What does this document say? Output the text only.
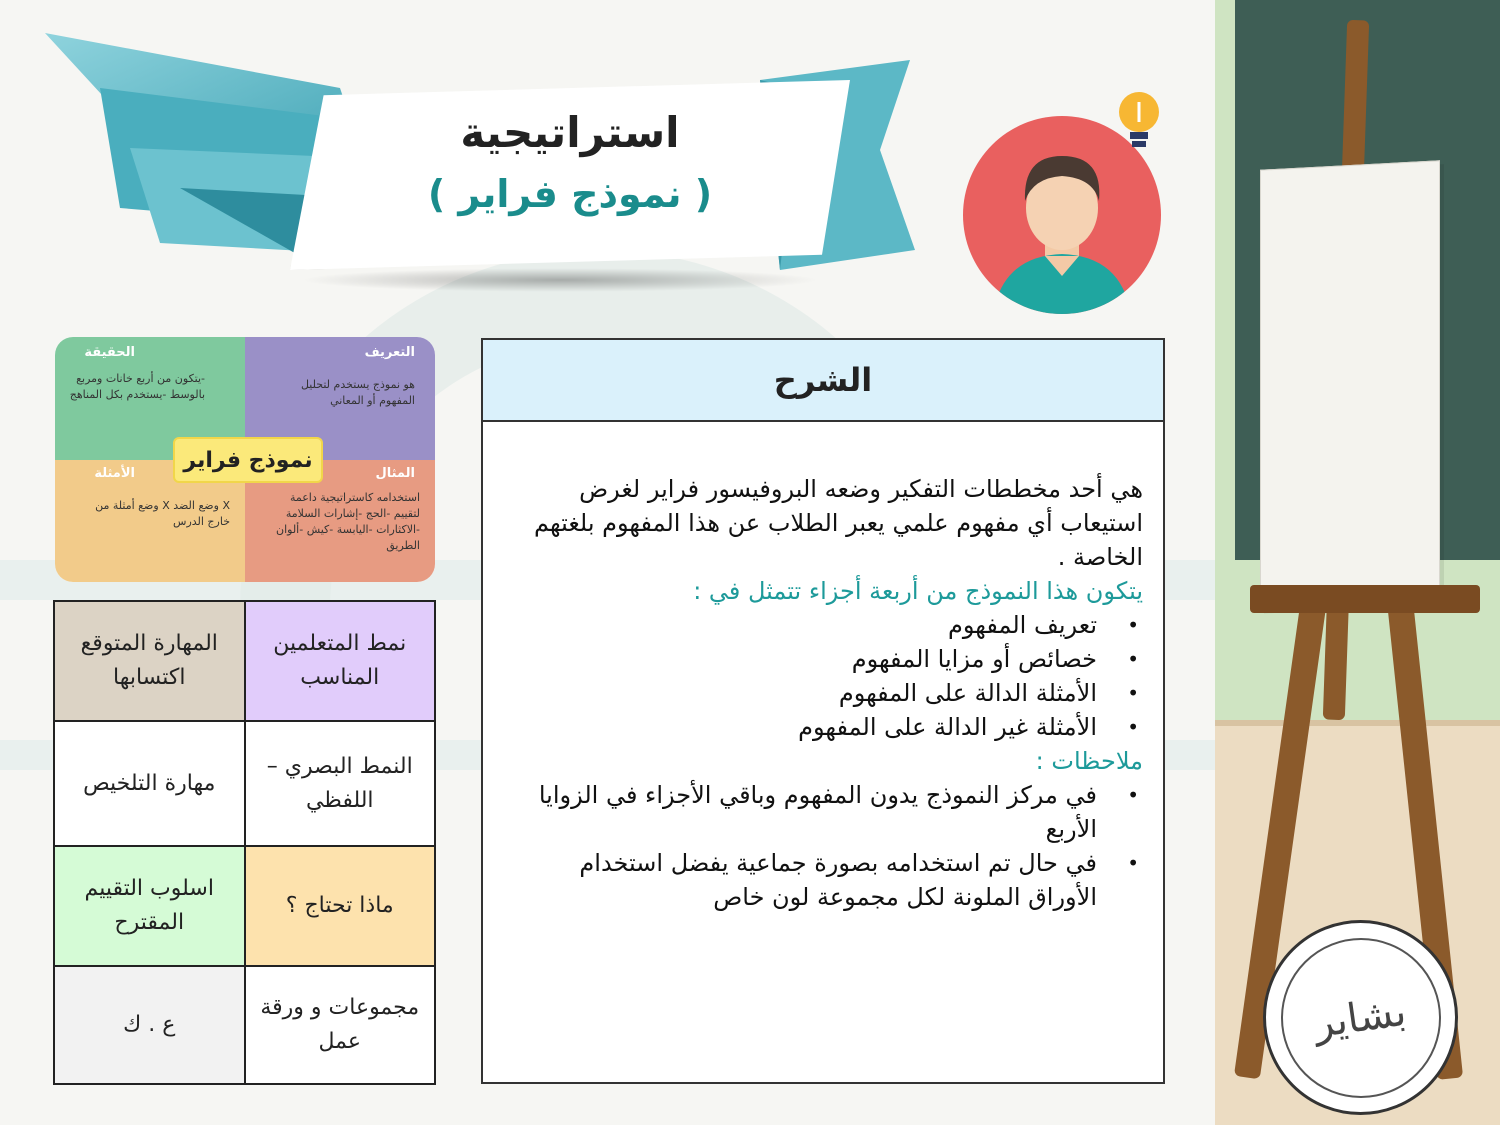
بشاير
استراتيجية
( نموذج فراير )
الحقيقة
-يتكون من أربع خانات ومربع بالوسط -يستخدم بكل المناهج
التعريف
هو نموذج يستخدم لتحليل المفهوم أو المعاني
الأمثلة
X وضع الضد X وضع أمثلة من خارج الدرس
المثال
استخدامه كاستراتيجية داعمة لتقييم -الحج -إشارات السلامة -الاكثارات -اليابسة -كيش -ألوان الطريق
نموذج فراير
المهارة المتوقع اكتسابها	نمط المتعلمين المناسب
مهارة التلخيص	النمط البصري – اللفظي
اسلوب التقييم المقترح	ماذا تحتاج ؟
ع . ك	مجموعات و ورقة عمل
الشرح

هي أحد مخططات التفكير وضعه البروفيسور فراير لغرض استيعاب أي مفهوم علمي يعبر الطلاب عن هذا المفهوم بلغتهم الخاصة .

يتكون هذا النموذج من أربعة أجزاء تتمثل في :

• تعريف المفهوم
• خصائص أو مزايا المفهوم
• الأمثلة الدالة على المفهوم
• الأمثلة غير الدالة على المفهوم

ملاحظات :

• في مركز النموذج يدون المفهوم وباقي الأجزاء في الزوايا الأربع
• في حال تم استخدامه بصورة جماعية يفضل استخدام الأوراق الملونة لكل مجموعة لون خاص
